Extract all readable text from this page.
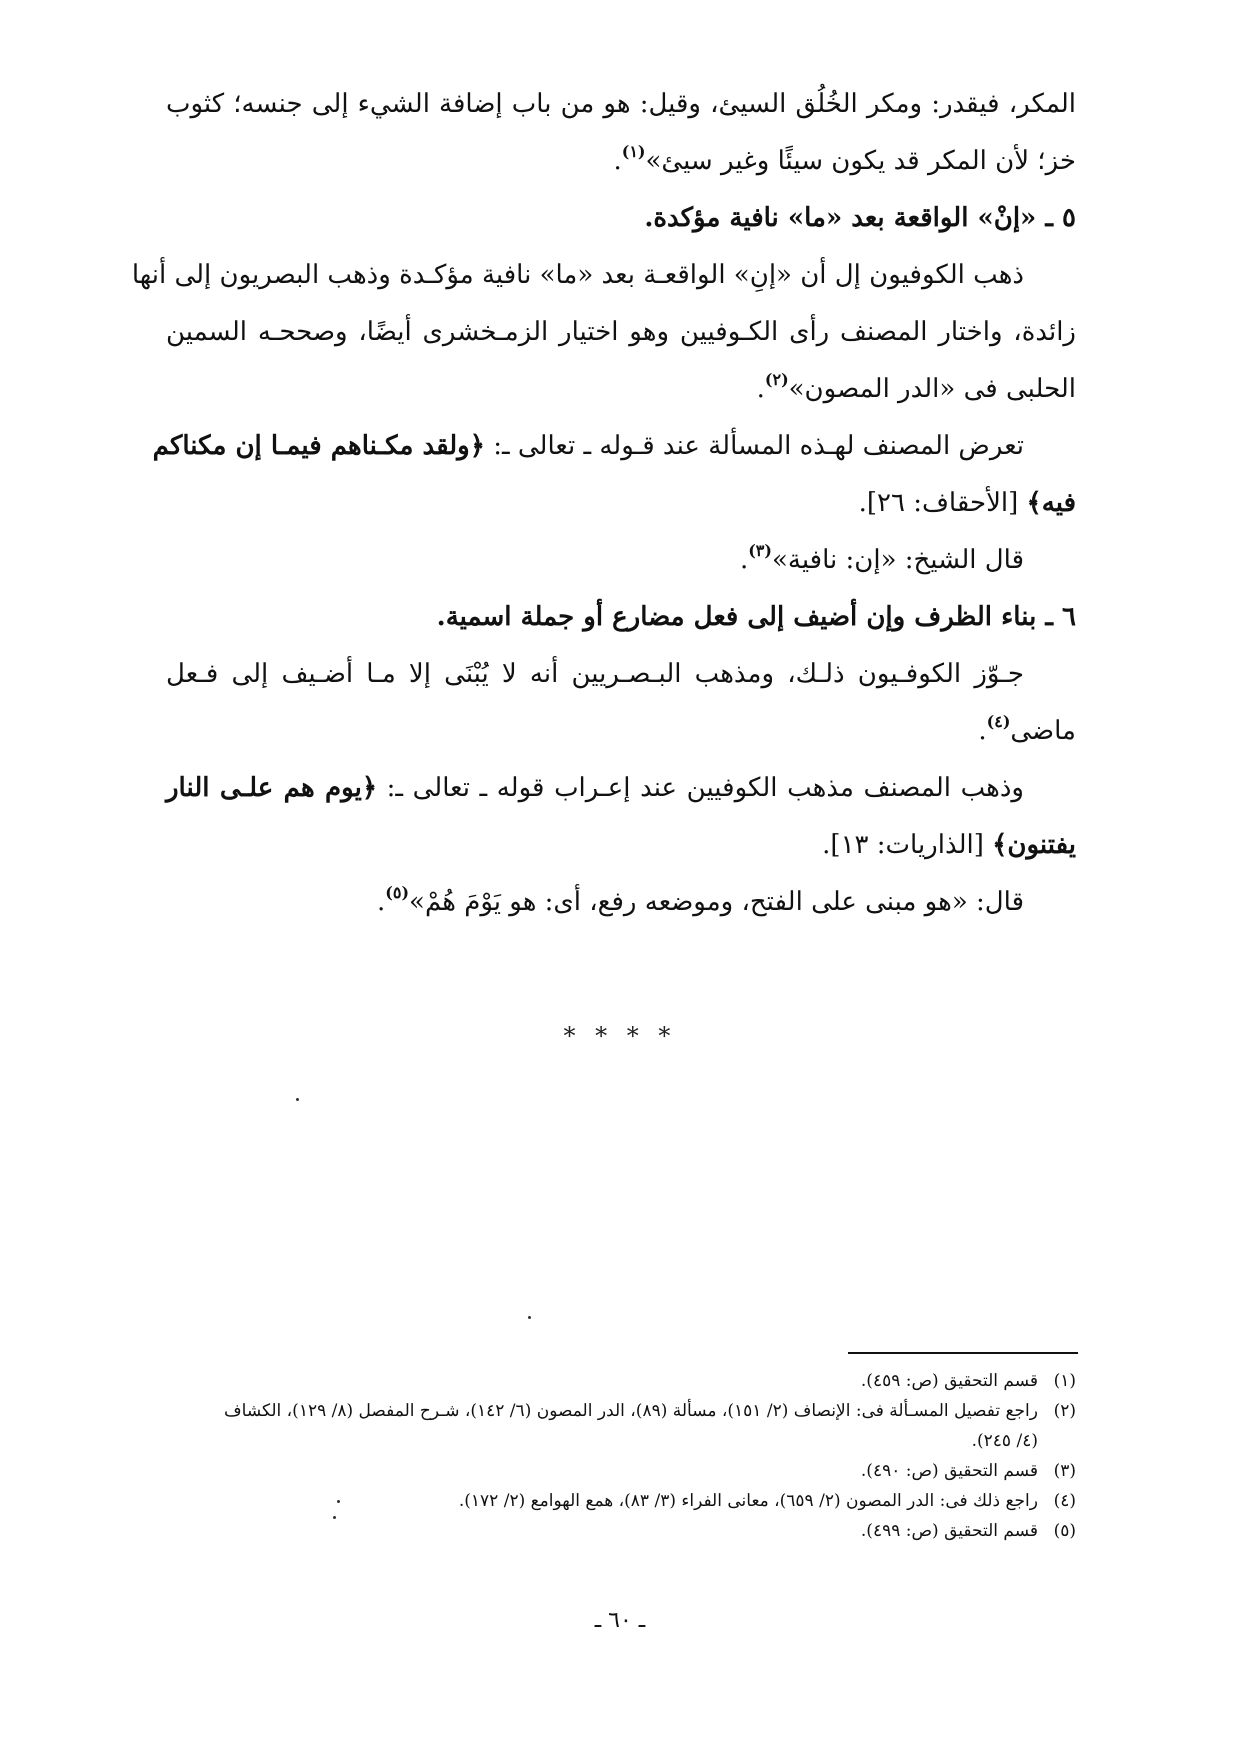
المكر، فيقدر: ومكر الخُلُق السيئ، وقيل: هو من باب إضافة الشيء إلى جنسه؛ كثوب
خز؛ لأن المكر قد يكون سيئًا وغير سيئ»$^{(١)}$.
٥ ـ «إنْ» الواقعة بعد «ما» نافية مؤكدة.
ذهب الكوفيون إل أن «إنِ» الواقعـة بعد «ما» نافية مؤكـدة وذهب البصريون إلى أنها
زائدة، واختار المصنف رأى الكـوفيين وهو اختيار الزمـخشرى أيضًا، وصححـه السمين
الحلبى فى «الدر المصون»$^{(٢)}$.
تعرض المصنف لهـذه المسألة عند قـوله ـ تعالى ـ: ﴿ولقد مكـناهم فيمـا إن مكناكم
فيه﴾ [الأحقاف: ٢٦].
قال الشيخ: «إن: نافية»$^{(٣)}$.
٦ ـ بناء الظرف وإن أضيف إلى فعل مضارع أو جملة اسمية.
جـوّز الكوفـيون ذلـك، ومذهب البـصـريين أنه لا يُبْنَى إلا مـا أضـيف إلى فـعل
ماضى$^{(٤)}$.
وذهب المصنف مذهب الكوفيين عند إعـراب قوله ـ تعالى ـ: ﴿يوم هم علـى النار
يفتنون﴾ [الذاريات: ١٣].
قال: «هو مبنى على الفتح، وموضعه رفع، أى: هو يَوْمَ هُمْ»$^{(٥)}$.
* * * *
(١)قسم التحقيق (ص: ٤٥٩).
(٢)راجع تفصيل المسـألة فى: الإنصاف (٢/ ١٥١)، مسألة (٨٩)، الدر المصون (٦/ ١٤٢)، شـرح المفصل (٨/ ١٢٩)، الكشاف
(٤/ ٢٤٥).
(٣)قسم التحقيق (ص: ٤٩٠).
(٤)راجع ذلك فى: الدر المصون (٢/ ٦٥٩)، معانى الفراء (٣/ ٨٣)، همع الهوامع (٢/ ١٧٢).
(٥)قسم التحقيق (ص: ٤٩٩).
ـ ٦٠ ـ
